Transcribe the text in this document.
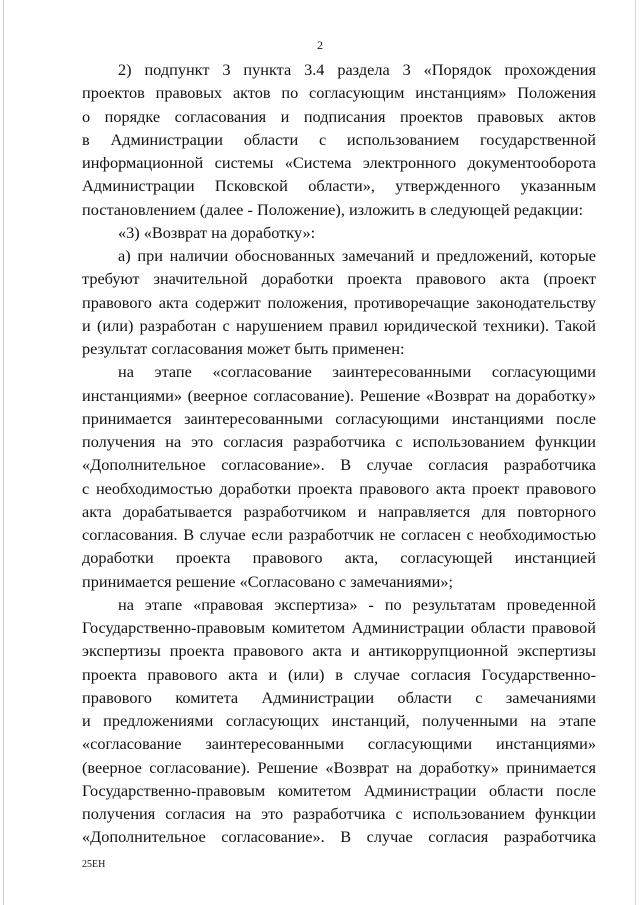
2
2) подпункт 3 пункта 3.4 раздела 3 «Порядок прохождения
проектов правовых актов по согласующим инстанциям» Положения
о порядке согласования и подписания проектов правовых актов
в Администрации области с использованием государственной
информационной системы «Система электронного документооборота
Администрации Псковской области», утвержденного указанным
постановлением (далее - Положение), изложить в следующей редакции:
«3) «Возврат на доработку»:
а) при наличии обоснованных замечаний и предложений, которые
требуют значительной доработки проекта правового акта (проект
правового акта содержит положения, противоречащие законодательству
и (или) разработан с нарушением правил юридической техники). Такой
результат согласования может быть применен:
на этапе «согласование заинтересованными согласующими
инстанциями» (веерное согласование). Решение «Возврат на доработку»
принимается заинтересованными согласующими инстанциями после
получения на это согласия разработчика с использованием функции
«Дополнительное согласование». В случае согласия разработчика
с необходимостью доработки проекта правового акта проект правового
акта дорабатывается разработчиком и направляется для повторного
согласования. В случае если разработчик не согласен с необходимостью
доработки проекта правового акта, согласующей инстанцией
принимается решение «Согласовано с замечаниями»;
на этапе «правовая экспертиза» - по результатам проведенной
Государственно-правовым комитетом Администрации области правовой
экспертизы проекта правового акта и антикоррупционной экспертизы
проекта правового акта и (или) в случае согласия Государственно-
правового комитета Администрации области с замечаниями
и предложениями согласующих инстанций, полученными на этапе
«согласование заинтересованными согласующими инстанциями»
(веерное согласование). Решение «Возврат на доработку» принимается
Государственно-правовым комитетом Администрации области после
получения согласия на это разработчика с использованием функции
«Дополнительное согласование». В случае согласия разработчика
25ЕН
